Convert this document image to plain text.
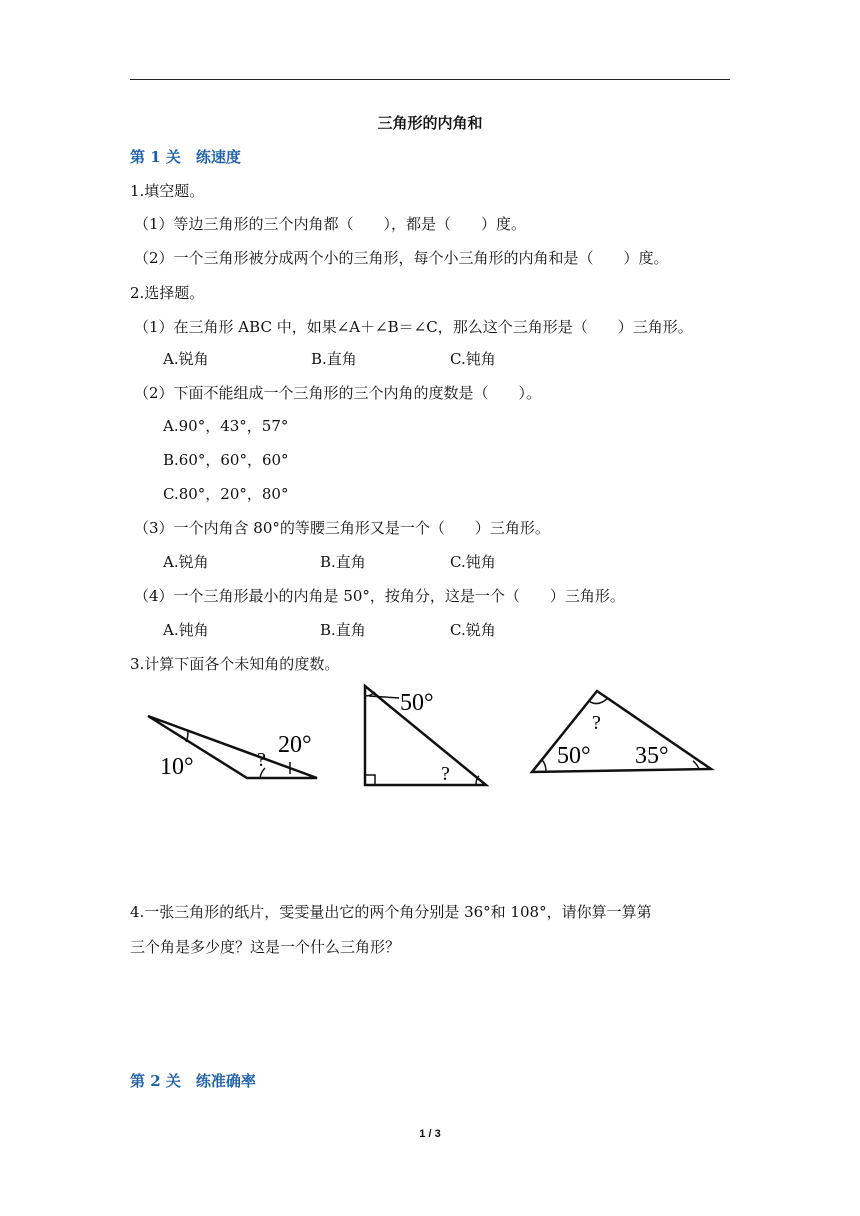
三角形的内角和
第 1 关　练速度
1.填空题。
（1）等边三角形的三个内角都（　　），都是（　　）度。
（2）一个三角形被分成两个小的三角形，每个小三角形的内角和是（　　）度。
2.选择题。
（1）在三角形 ABC 中，如果∠A＋∠B＝∠C，那么这个三角形是（　　）三角形。
A.锐角	B.直角	C.钝角
（2）下面不能组成一个三角形的三个内角的度数是（　　）。
A.90°，43°，57°
B.60°，60°，60°
C.80°，20°，80°
（3）一个内角含 80°的等腰三角形又是一个（　　）三角形。
A.锐角	B.直角	C.钝角
（4）一个三角形最小的内角是 50°，按角分，这是一个（　　）三角形。
A.钝角	B.直角	C.锐角
3.计算下面各个未知角的度数。
10°	?
20°
50°
?
?
50° 35°
4.一张三角形的纸片，雯雯量出它的两个角分别是 36°和 108°，请你算一算第
三个角是多少度？这是一个什么三角形？
第 2 关　练准确率
1 / 3
